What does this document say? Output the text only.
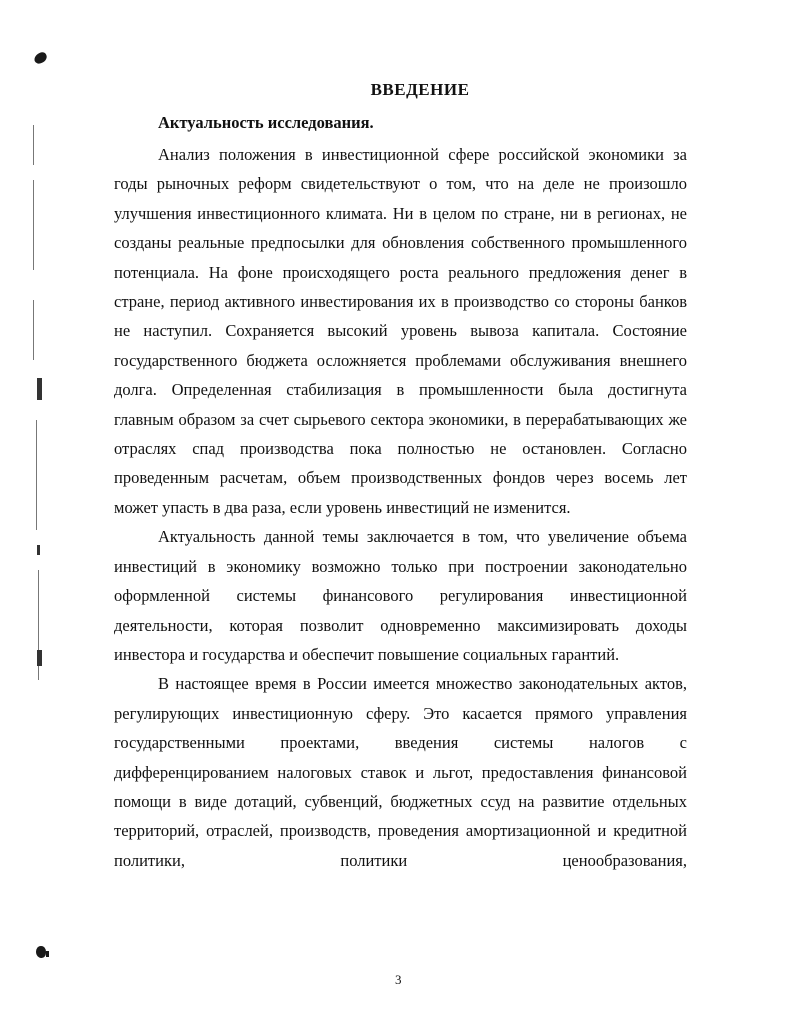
ВВЕДЕНИЕ
Актуальность исследования.

Анализ положения в инвестиционной сфере российской экономики за годы рыночных реформ свидетельствуют о том, что на деле не произошло улучшения инвестиционного климата. Ни в целом по стране, ни в регионах, не созданы реальные предпосылки для обновления собственного промышленного потенциала. На фоне происходящего роста реального предложения денег в стране, период активного инвестирования их в производство со стороны банков не наступил. Сохраняется высокий уровень вывоза капитала. Состояние государственного бюджета осложняется проблемами обслуживания внешнего долга. Определенная стабилизация в промышленности была достигнута главным образом за счет сырьевого сектора экономики, в перерабатывающих же отраслях спад производства пока полностью не остановлен. Согласно проведенным расчетам, объем производственных фондов через восемь лет может упасть в два раза, если уровень инвестиций не изменится.

Актуальность данной темы заключается в том, что увеличение объема инвестиций в экономику возможно только при построении законодательно оформленной системы финансового регулирования инвестиционной деятельности, которая позволит одновременно максимизировать доходы инвестора и государства и обеспечит повышение социальных гарантий.

В настоящее время в России имеется множество законодательных актов, регулирующих инвестиционную сферу. Это касается прямого управления государственными проектами, введения системы налогов с дифференцированием налоговых ставок и льгот, предоставления финансовой помощи в виде дотаций, субвенций, бюджетных ссуд на развитие отдельных территорий, отраслей, производств, проведения амортизационной и кредитной политики, политики ценообразования,

3
